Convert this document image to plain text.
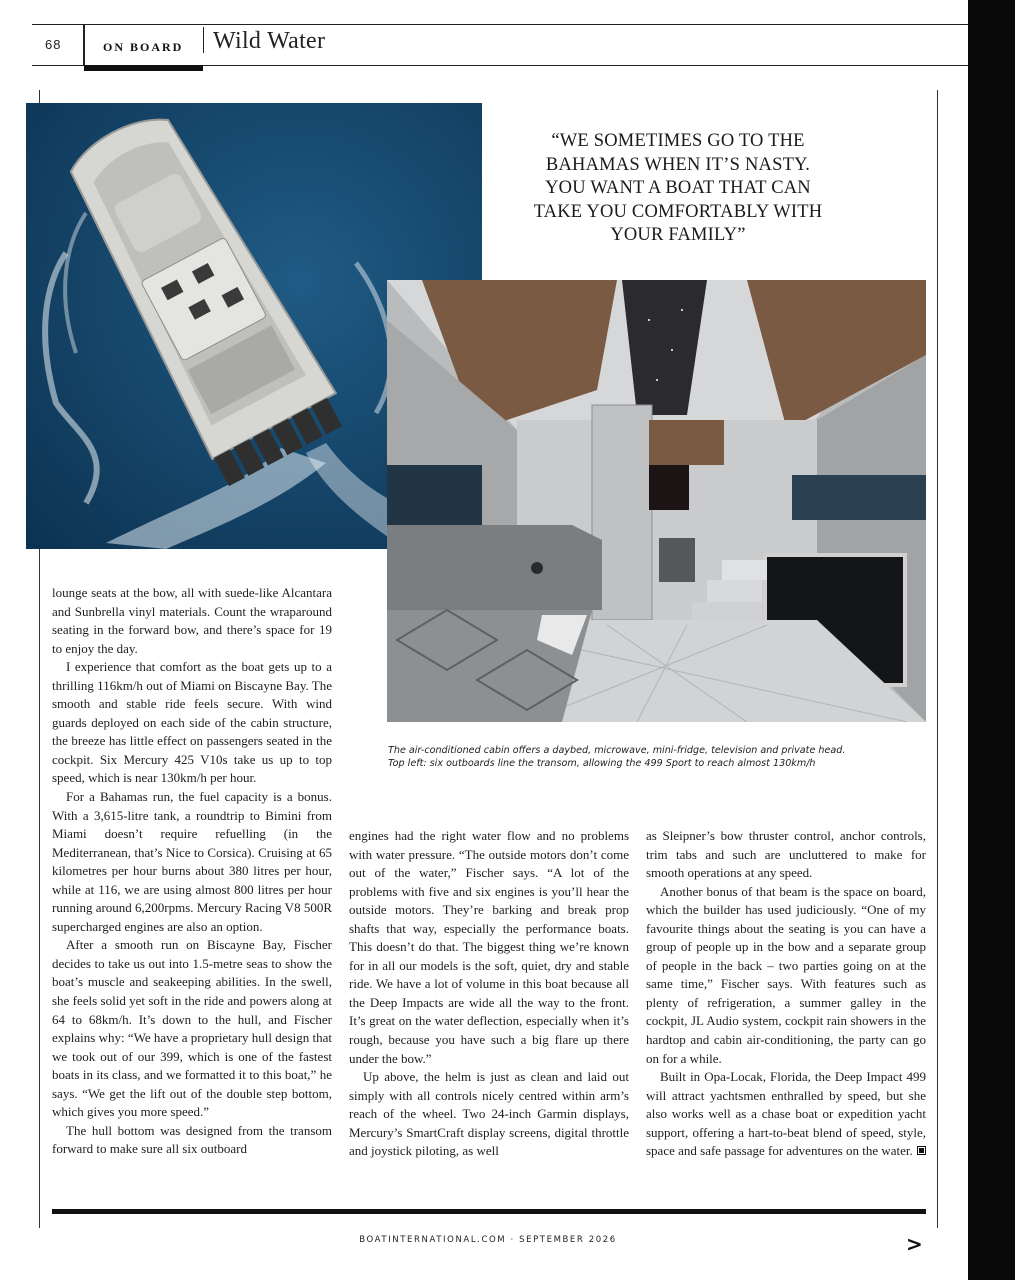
68	ON BOARD Wild Water
“WE SOMETIMES GO TO THE BAHAMAS WHEN IT’S NASTY. YOU WANT A BOAT THAT CAN TAKE YOU COMFORTABLY WITH YOUR FAMILY”
The air-conditioned cabin offers a daybed, microwave, mini-fridge, television and private head.
Top left: six outboards line the transom, allowing the 499 Sport to reach almost 130km/h

lounge seats at the bow, all with suede-like Alcantara and Sunbrella vinyl materials. Count the wraparound seating in the forward bow, and there’s space for 19 to enjoy the day.

I experience that comfort as the boat gets up to a thrilling 116km/h out of Miami on Biscayne Bay. The smooth and stable ride feels secure. With wind guards deployed on each side of the cabin structure, the breeze has little effect on passengers seated in the cockpit. Six Mercury 425 V10s take us up to top speed, which is near 130km/h per hour.

For a Bahamas run, the fuel capacity is a bonus. With a 3,615-litre tank, a roundtrip to Bimini from Miami doesn’t require refuelling (in the Mediterranean, that’s Nice to Corsica). Cruising at 65 kilometres per hour burns about 380 litres per hour, while at 116, we are using almost 800 litres per hour running around 6,200rpms. Mercury Racing V8 500R supercharged engines are also an option.

After a smooth run on Biscayne Bay, Fischer decides to take us out into 1.5-metre seas to show the boat’s muscle and seakeeping abilities. In the swell, she feels solid yet soft in the ride and powers along at 64 to 68km/h. It’s down to the hull, and Fischer explains why: “We have a proprietary hull design that we took out of our 399, which is one of the fastest boats in its class, and we formatted it to this boat,” he says. “We get the lift out of the double step bottom, which gives you more speed.”

The hull bottom was designed from the transom forward to make sure all six outboard

engines had the right water flow and no problems with water pressure. “The outside motors don’t come out of the water,” Fischer says. “A lot of the problems with five and six engines is you’ll hear the outside motors. They’re barking and break prop shafts that way, especially the performance boats. This doesn’t do that. The biggest thing we’re known for in all our models is the soft, quiet, dry and stable ride. We have a lot of volume in this boat because all the Deep Impacts are wide all the way to the front. It’s great on the water deflection, especially when it’s rough, because you have such a big flare up there under the bow.”

Up above, the helm is just as clean and laid out simply with all controls nicely centred within arm’s reach of the wheel. Two 24-inch Garmin displays, Mercury’s SmartCraft display screens, digital throttle and joystick piloting, as well

as Sleipner’s bow thruster control, anchor controls, trim tabs and such are uncluttered to make for smooth operations at any speed.

Another bonus of that beam is the space on board, which the builder has used judiciously. “One of my favourite things about the seating is you can have a group of people up in the bow and a separate group of people in the back – two parties going on at the same time,” Fischer says. With features such as plenty of refrigeration, a summer galley in the cockpit, JL Audio system, cockpit rain showers in the hardtop and cabin air-conditioning, the party can go on for a while.

Built in Opa-Locak, Florida, the Deep Impact 499 will attract yachtsmen enthralled by speed, but she also works well as a chase boat or expedition yacht support, offering a hart-to-beat blend of speed, style, space and safe passage for adventures on the water.

BOATINTERNATIONAL.COM · SEPTEMBER 2026	>
